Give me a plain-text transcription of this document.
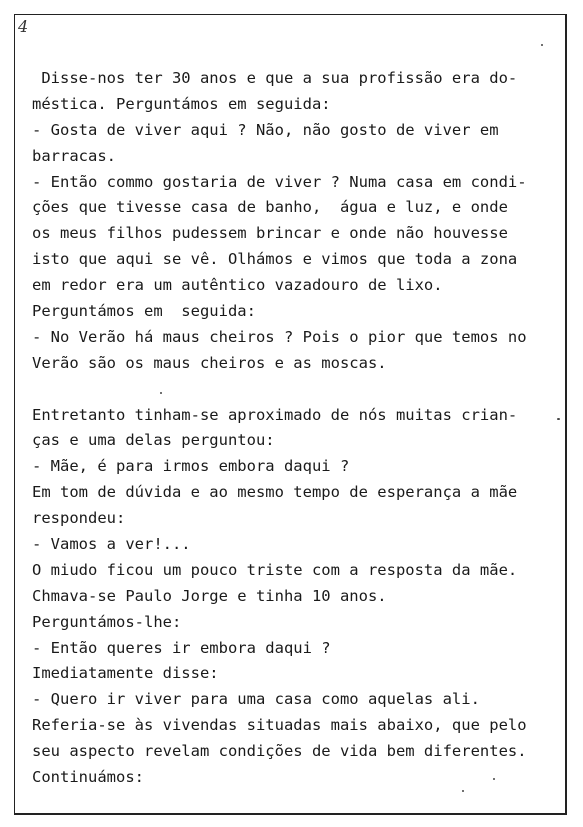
4
Disse-nos ter 30 anos e que a sua profissão era do-
méstica. Perguntámos em seguida:
- Gosta de viver aqui ? Não, não gosto de viver em
barracas.
- Então commo gostaria de viver ? Numa casa em condi-
ções que tivesse casa de banho,  água e luz, e onde
os meus filhos pudessem brincar e onde não houvesse
isto que aqui se vê. Olhámos e vimos que toda a zona
em redor era um autêntico vazadouro de lixo.
Perguntámos em  seguida:
- No Verão há maus cheiros ? Pois o pior que temos no
Verão são os maus cheiros e as moscas.
Entretanto tinham-se aproximado de nós muitas crian-
ças e uma delas perguntou:
- Mãe, é para irmos embora daqui ?
Em tom de dúvida e ao mesmo tempo de esperança a mãe
respondeu:
- Vamos a ver!...
O miudo ficou um pouco triste com a resposta da mãe.
Chmava-se Paulo Jorge e tinha 10 anos.
Perguntámos-lhe:
- Então queres ir embora daqui ?
Imediatamente disse:
- Quero ir viver para uma casa como aquelas ali.
Referia-se às vivendas situadas mais abaixo, que pelo
seu aspecto revelam condições de vida bem diferentes.
Continuámos:
